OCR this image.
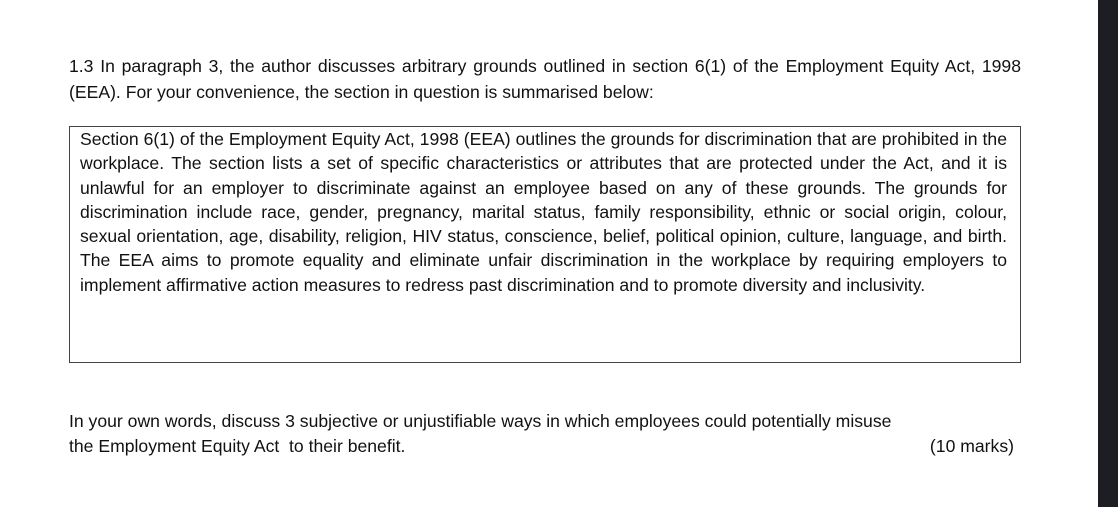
1.3 In paragraph 3, the author discusses arbitrary grounds outlined in section 6(1) of the Employment Equity Act, 1998 (EEA). For your convenience, the section in question is summarised below:

Section 6(1) of the Employment Equity Act, 1998 (EEA) outlines the grounds for discrimination that are prohibited in the workplace. The section lists a set of specific characteristics or attributes that are protected under the Act, and it is unlawful for an employer to discriminate against an employee based on any of these grounds. The grounds for discrimination include race, gender, pregnancy, marital status, family responsibility, ethnic or social origin, colour, sexual orientation, age, disability, religion, HIV status, conscience, belief, political opinion, culture, language, and birth. The EEA aims to promote equality and eliminate unfair discrimination in the workplace by requiring employers to implement affirmative action measures to redress past discrimination and to promote diversity and inclusivity.

In your own words, discuss 3 subjective or unjustifiable ways in which employees could potentially misuse
the Employment Equity Act  to their benefit.	(10 marks)
